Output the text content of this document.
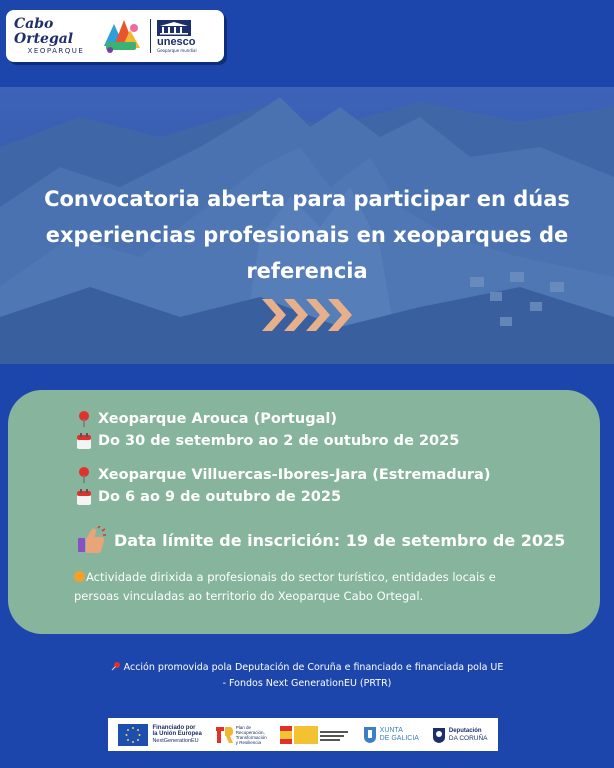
Cabo Ortegal
XEOPARQUE
unesco
Geoparque mundial
Convocatoria aberta para participar en dúas experiencias profesionais en xeoparques de referencia
Xeoparque Arouca (Portugal)
Do 30 de setembro ao 2 de outubro de 2025
Xeoparque Villuercas-Ibores-Jara (Estremadura)
Do 6 ao 9 de outubro de 2025
Data límite de inscrición: 19 de setembro de 2025
Actividade dirixida a profesionais do sector turístico, entidades locais e persoas vinculadas ao territorio do Xeoparque Cabo Ortegal.
Acción promovida pola Deputación de Coruña e financiado e financiada pola UE
- Fondos Next GenerationEU (PRTR)
Financiado por
la Unión Europea
NextGenerationEU
Plan de
Recuperación,
Transformación
y Resiliencia
XUNTA
DE GALICIA
Deputación
DA CORUÑA
